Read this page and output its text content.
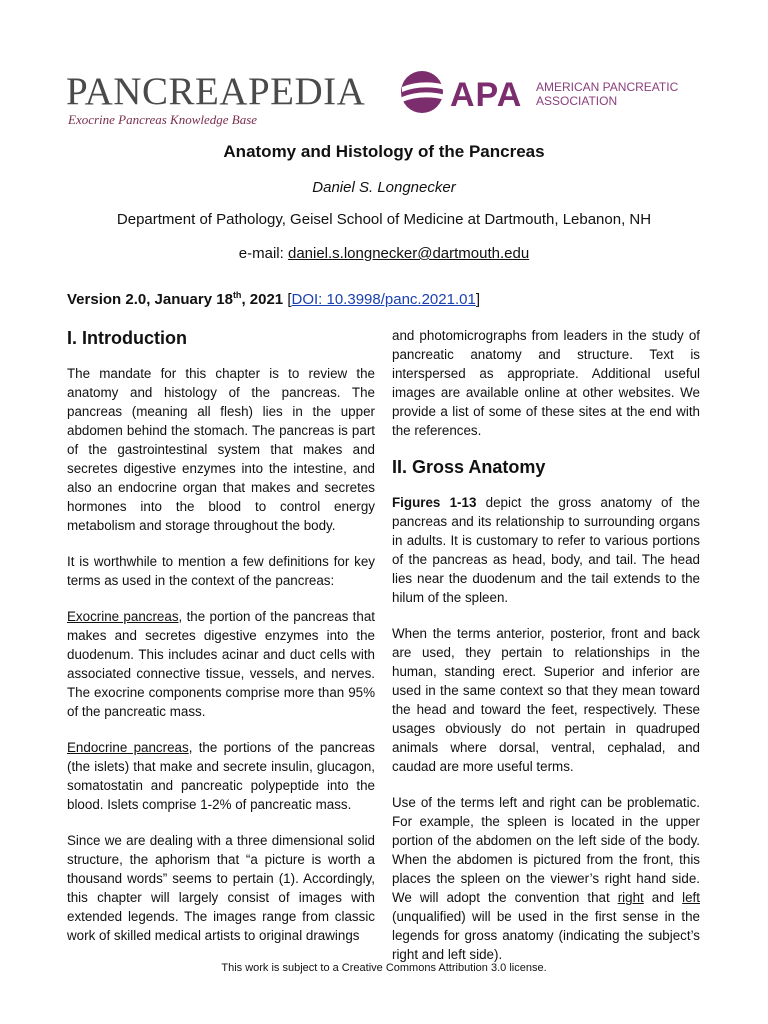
PANCREAPEDIA
Exocrine Pancreas Knowledge Base
APA AMERICAN PANCREATIC
ASSOCIATION
Anatomy and Histology of the Pancreas
Daniel S. Longnecker
Department of Pathology, Geisel School of Medicine at Dartmouth, Lebanon, NH
e-mail: daniel.s.longnecker@dartmouth.edu
Version 2.0, January 18th, 2021 [DOI: 10.3998/panc.2021.01]
I. Introduction

The mandate for this chapter is to review the anatomy and histology of the pancreas. The pancreas (meaning all flesh) lies in the upper abdomen behind the stomach. The pancreas is part of the gastrointestinal system that makes and secretes digestive enzymes into the intestine, and also an endocrine organ that makes and secretes hormones into the blood to control energy metabolism and storage throughout the body.

It is worthwhile to mention a few definitions for key terms as used in the context of the pancreas:

Exocrine pancreas, the portion of the pancreas that makes and secretes digestive enzymes into the duodenum. This includes acinar and duct cells with associated connective tissue, vessels, and nerves. The exocrine components comprise more than 95% of the pancreatic mass.

Endocrine pancreas, the portions of the pancreas (the islets) that make and secrete insulin, glucagon, somatostatin and pancreatic polypeptide into the blood. Islets comprise 1-2% of pancreatic mass.

Since we are dealing with a three dimensional solid structure, the aphorism that “a picture is worth a thousand words” seems to pertain (1). Accordingly, this chapter will largely consist of images with extended legends. The images range from classic work of skilled medical artists to original drawings

and photomicrographs from leaders in the study of pancreatic anatomy and structure. Text is interspersed as appropriate. Additional useful images are available online at other websites. We provide a list of some of these sites at the end with the references.

II. Gross Anatomy

Figures 1-13 depict the gross anatomy of the pancreas and its relationship to surrounding organs in adults. It is customary to refer to various portions of the pancreas as head, body, and tail. The head lies near the duodenum and the tail extends to the hilum of the spleen.

When the terms anterior, posterior, front and back are used, they pertain to relationships in the human, standing erect. Superior and inferior are used in the same context so that they mean toward the head and toward the feet, respectively. These usages obviously do not pertain in quadruped animals where dorsal, ventral, cephalad, and caudad are more useful terms.

Use of the terms left and right can be problematic. For example, the spleen is located in the upper portion of the abdomen on the left side of the body. When the abdomen is pictured from the front, this places the spleen on the viewer’s right hand side. We will adopt the convention that right and left (unqualified) will be used in the first sense in the legends for gross anatomy (indicating the subject’s right and left side).

This work is subject to a Creative Commons Attribution 3.0 license.
